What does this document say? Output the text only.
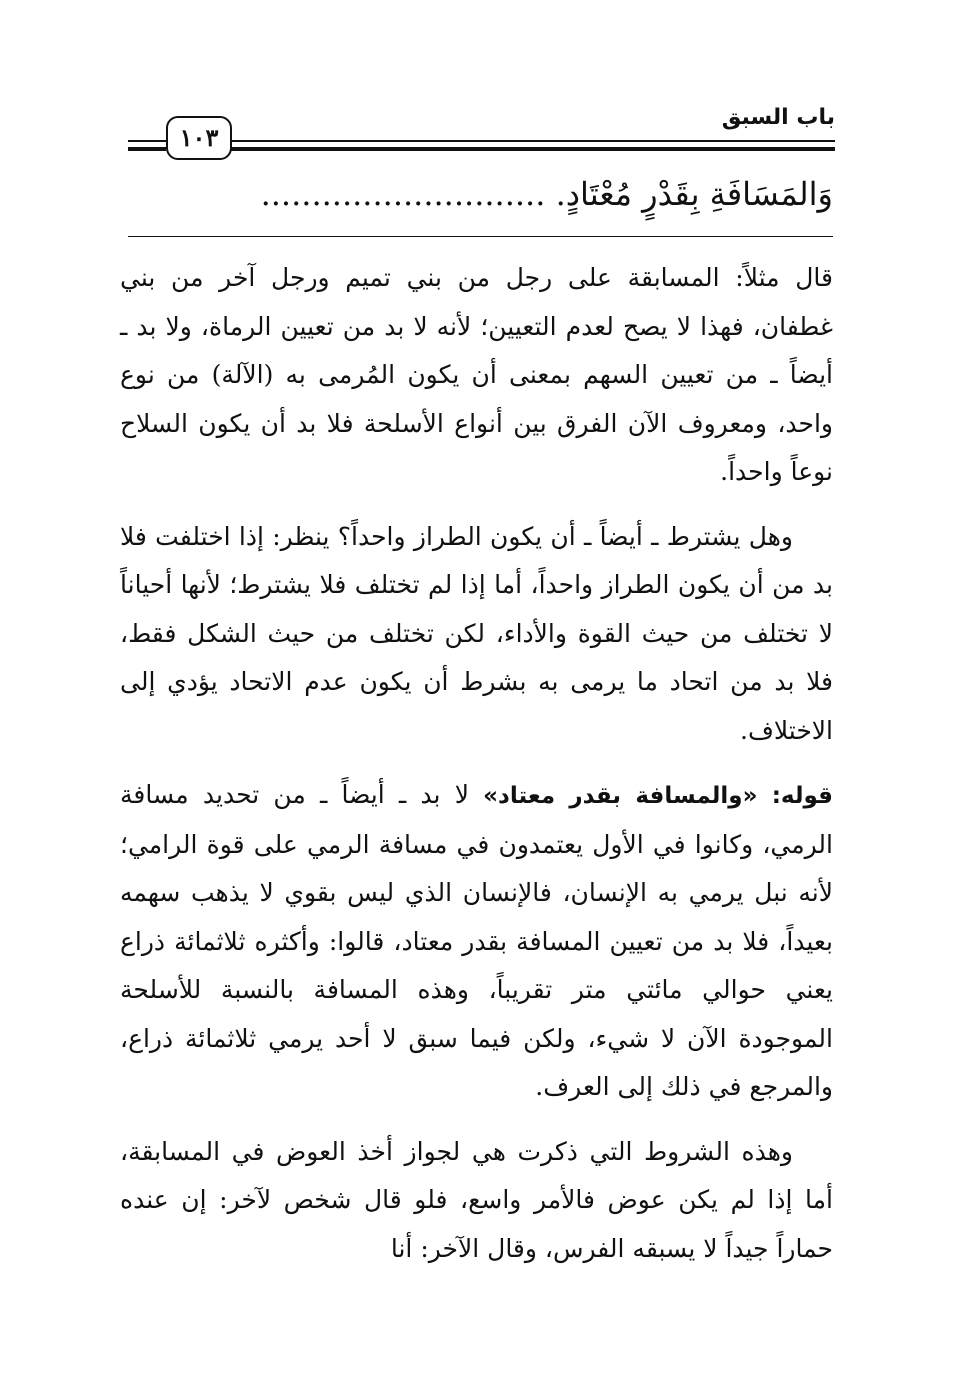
باب السبق
١٠٣
وَالمَسَافَةِ بِقَدْرٍ مُعْتَادٍ. ............................

قال مثلاً: المسابقة على رجل من بني تميم ورجل آخر من بني غطفان، فهذا لا يصح لعدم التعيين؛ لأنه لا بد من تعيين الرماة، ولا بد ـ أيضاً ـ من تعيين السهم بمعنى أن يكون المُرمى به (الآلة) من نوع واحد، ومعروف الآن الفرق بين أنواع الأسلحة فلا بد أن يكون السلاح نوعاً واحداً.

وهل يشترط ـ أيضاً ـ أن يكون الطراز واحداً؟ ينظر: إذا اختلفت فلا بد من أن يكون الطراز واحداً، أما إذا لم تختلف فلا يشترط؛ لأنها أحياناً لا تختلف من حيث القوة والأداء، لكن تختلف من حيث الشكل فقط، فلا بد من اتحاد ما يرمى به بشرط أن يكون عدم الاتحاد يؤدي إلى الاختلاف.

قوله: «والمسافة بقدر معتاد» لا بد ـ أيضاً ـ من تحديد مسافة الرمي، وكانوا في الأول يعتمدون في مسافة الرمي على قوة الرامي؛ لأنه نبل يرمي به الإنسان، فالإنسان الذي ليس بقوي لا يذهب سهمه بعيداً، فلا بد من تعيين المسافة بقدر معتاد، قالوا: وأكثره ثلاثمائة ذراع يعني حوالي مائتي متر تقريباً، وهذه المسافة بالنسبة للأسلحة الموجودة الآن لا شيء، ولكن فيما سبق لا أحد يرمي ثلاثمائة ذراع، والمرجع في ذلك إلى العرف.

وهذه الشروط التي ذكرت هي لجواز أخذ العوض في المسابقة، أما إذا لم يكن عوض فالأمر واسع، فلو قال شخص لآخر: إن عنده حماراً جيداً لا يسبقه الفرس، وقال الآخر: أنا
